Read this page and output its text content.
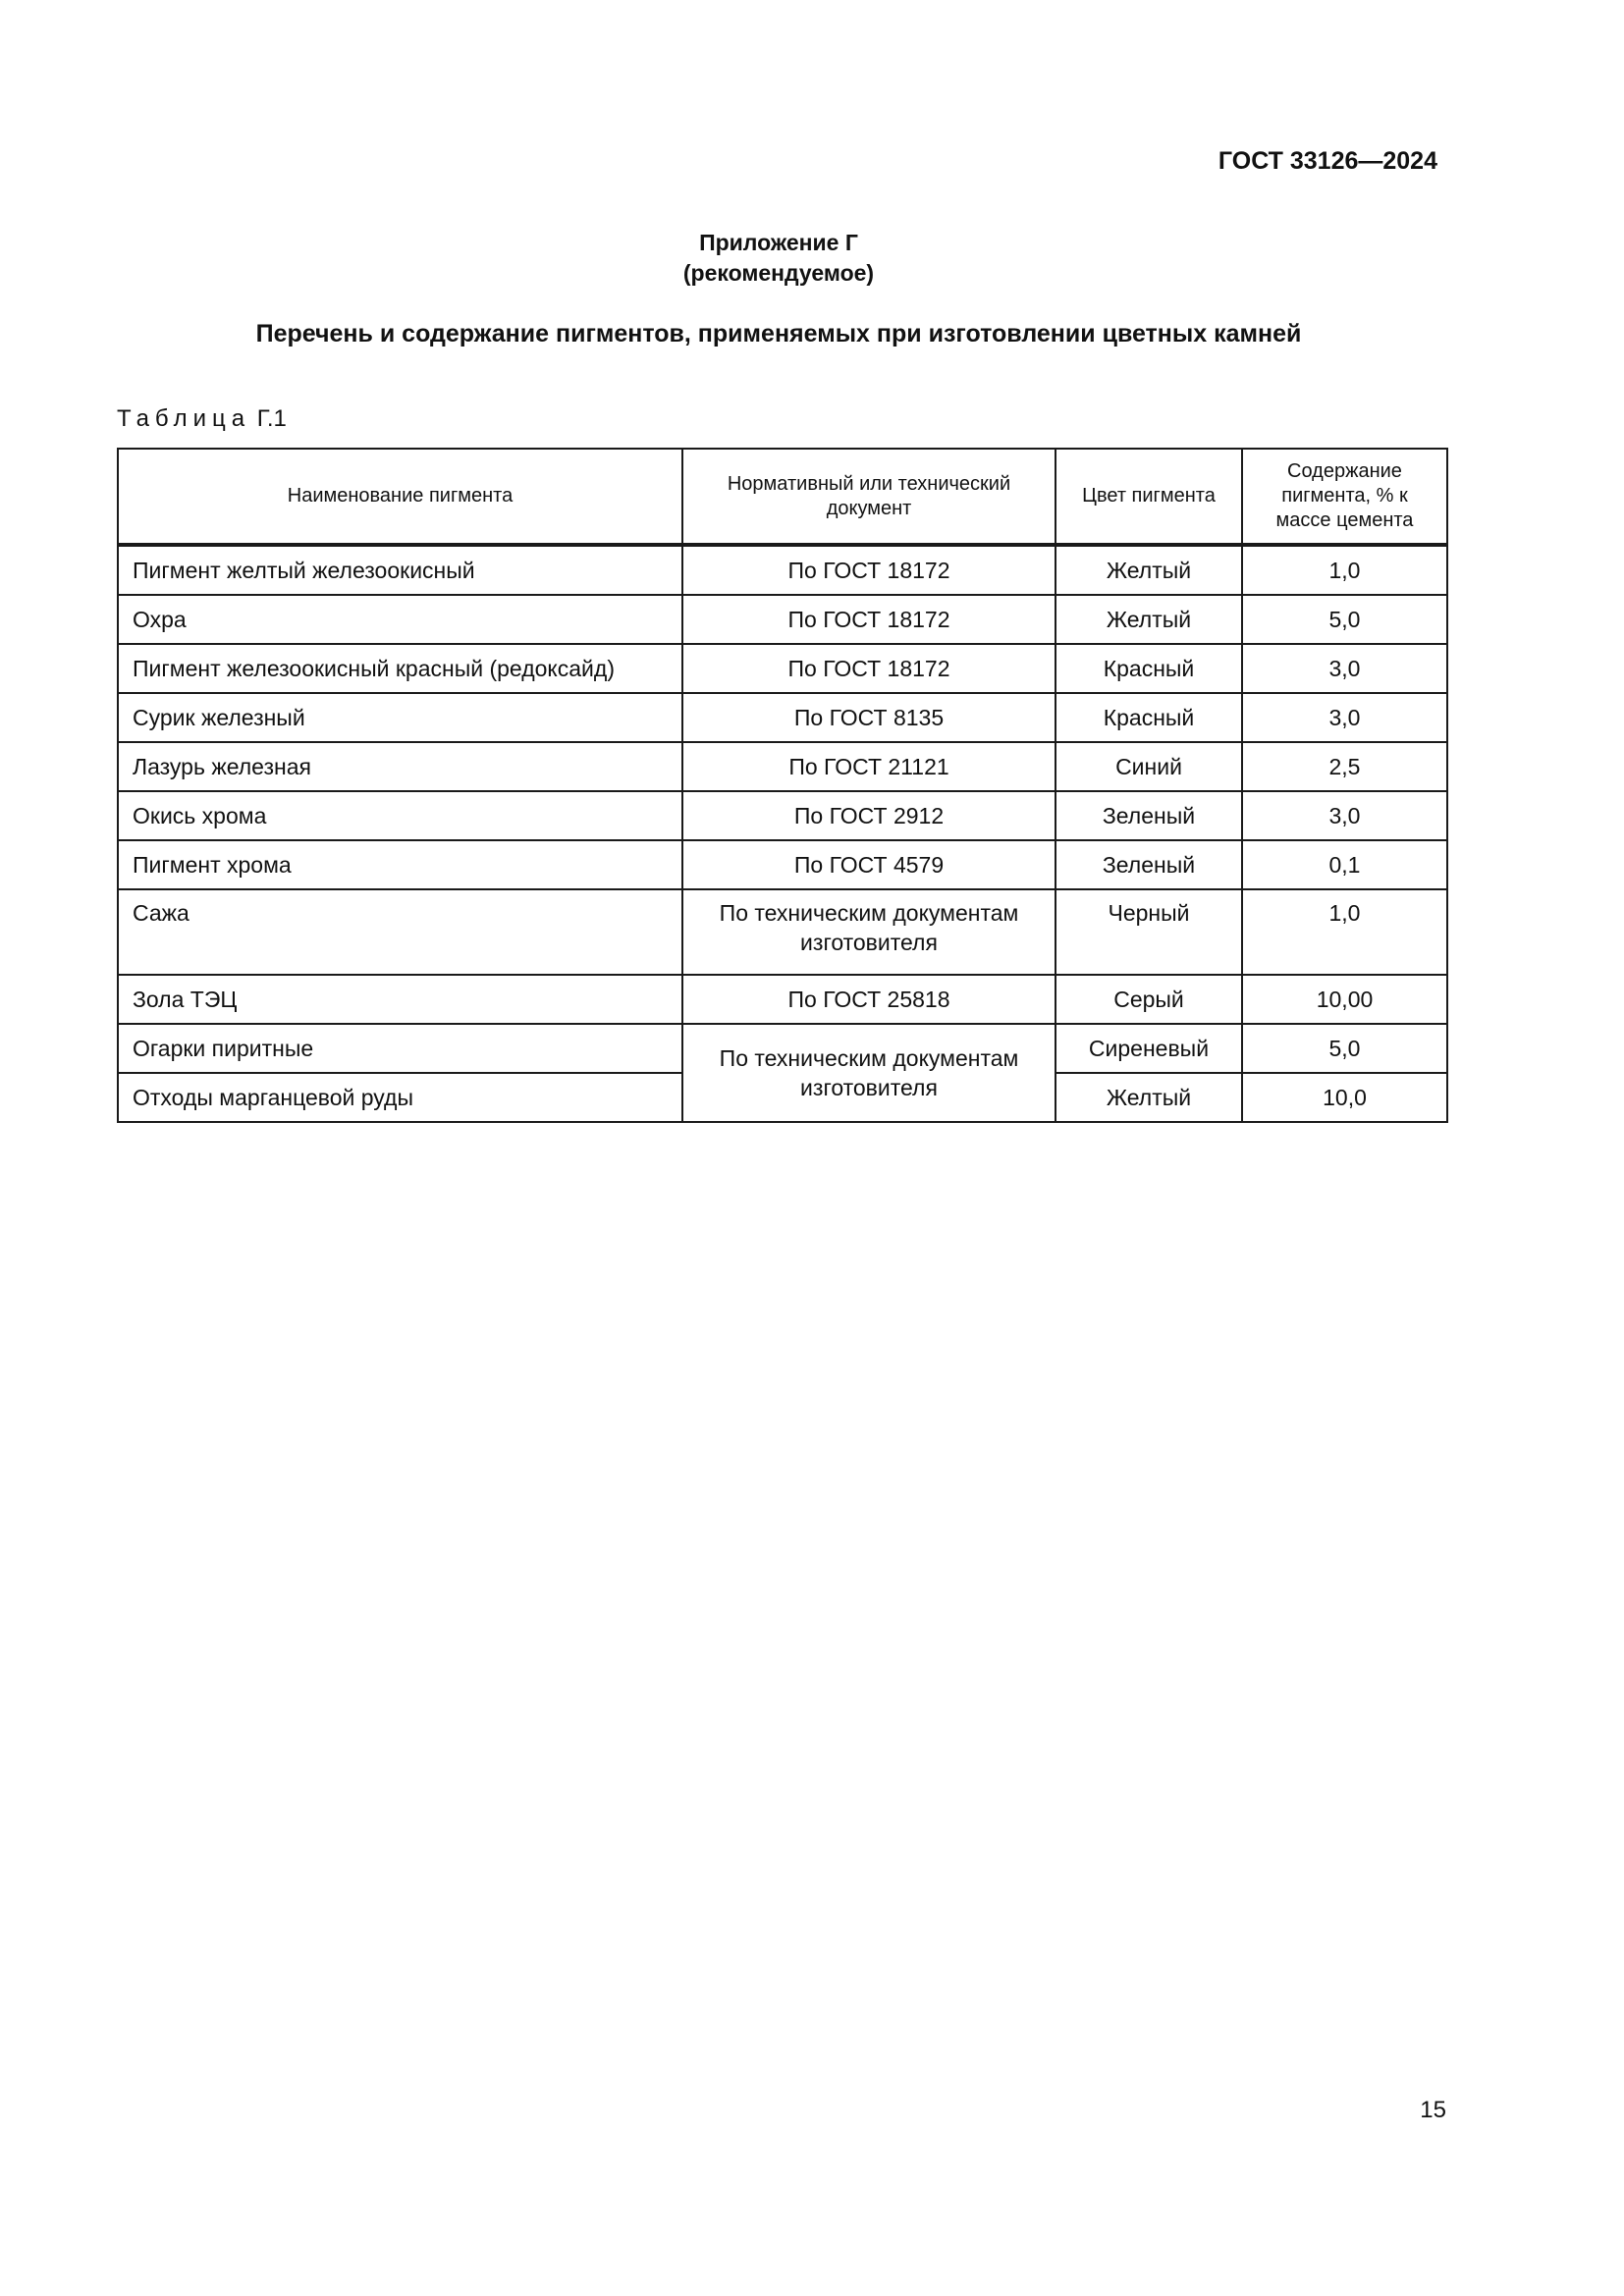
ГОСТ 33126—2024
Приложение Г
(рекомендуемое)
Перечень и содержание пигментов, применяемых при изготовлении цветных камней
Таблица Г.1
Наименование пигмента	Нормативный или технический документ	Цвет пигмента	Содержание пигмента, % к массе цемента
Пигмент желтый железоокисный	По ГОСТ 18172	Желтый	1,0
Охра	По ГОСТ 18172	Желтый	5,0
Пигмент железоокисный красный (редоксайд)	По ГОСТ 18172	Красный	3,0
Сурик железный	По ГОСТ 8135	Красный	3,0
Лазурь железная	По ГОСТ 21121	Синий	2,5
Окись хрома	По ГОСТ 2912	Зеленый	3,0
Пигмент хрома	По ГОСТ 4579	Зеленый	0,1
Сажа	По техническим документам изготовителя	Черный	1,0
Зола ТЭЦ	По ГОСТ 25818	Серый	10,00
Огарки пиритные	По техническим документам изготовителя	Сиреневый	5,0
Отходы марганцевой руды		Желтый	10,0
15
